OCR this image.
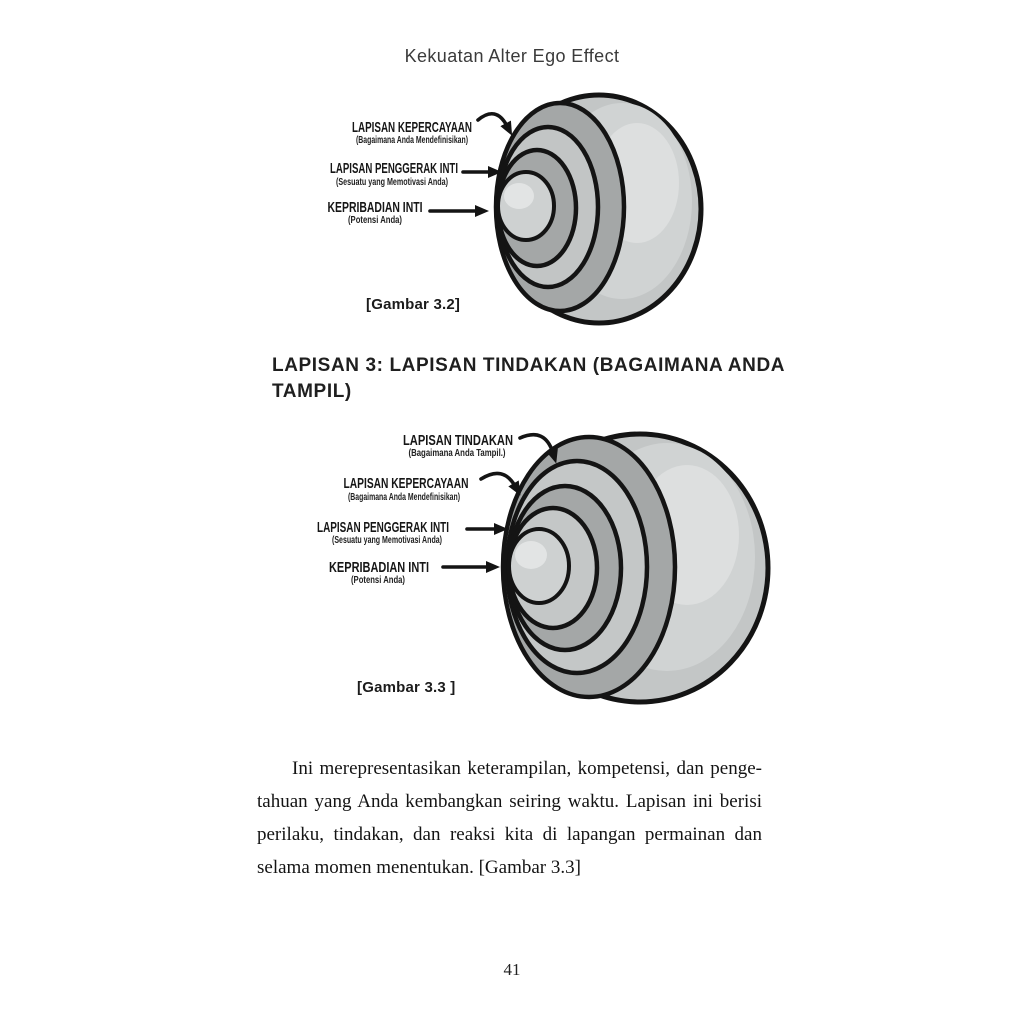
Kekuatan Alter Ego Effect
LAPISAN KEPERCAYAAN
(Bagaimana Anda Mendefinisikan)
LAPISAN PENGGERAK INTI
(Sesuatu yang Memotivasi Anda)
KEPRIBADIAN INTI
(Potensi Anda)
[Gambar 3.2]
LAPISAN 3: LAPISAN TINDAKAN (BAGAIMANA ANDA
TAMPIL)
LAPISAN TINDAKAN
(Bagaimana Anda Tampil.)
LAPISAN KEPERCAYAAN
(Bagaimana Anda Mendefinisikan)
LAPISAN PENGGERAK INTI
(Sesuatu yang Memotivasi Anda)
KEPRIBADIAN INTI
(Potensi Anda)
[Gambar 3.3 ]
Ini merepresentasikan keterampilan, kompetensi, dan penge-
tahuan yang Anda kembangkan seiring waktu. Lapisan ini berisi
perilaku, tindakan, dan reaksi kita di lapangan permainan dan
selama momen menentukan. [Gambar 3.3]
41
